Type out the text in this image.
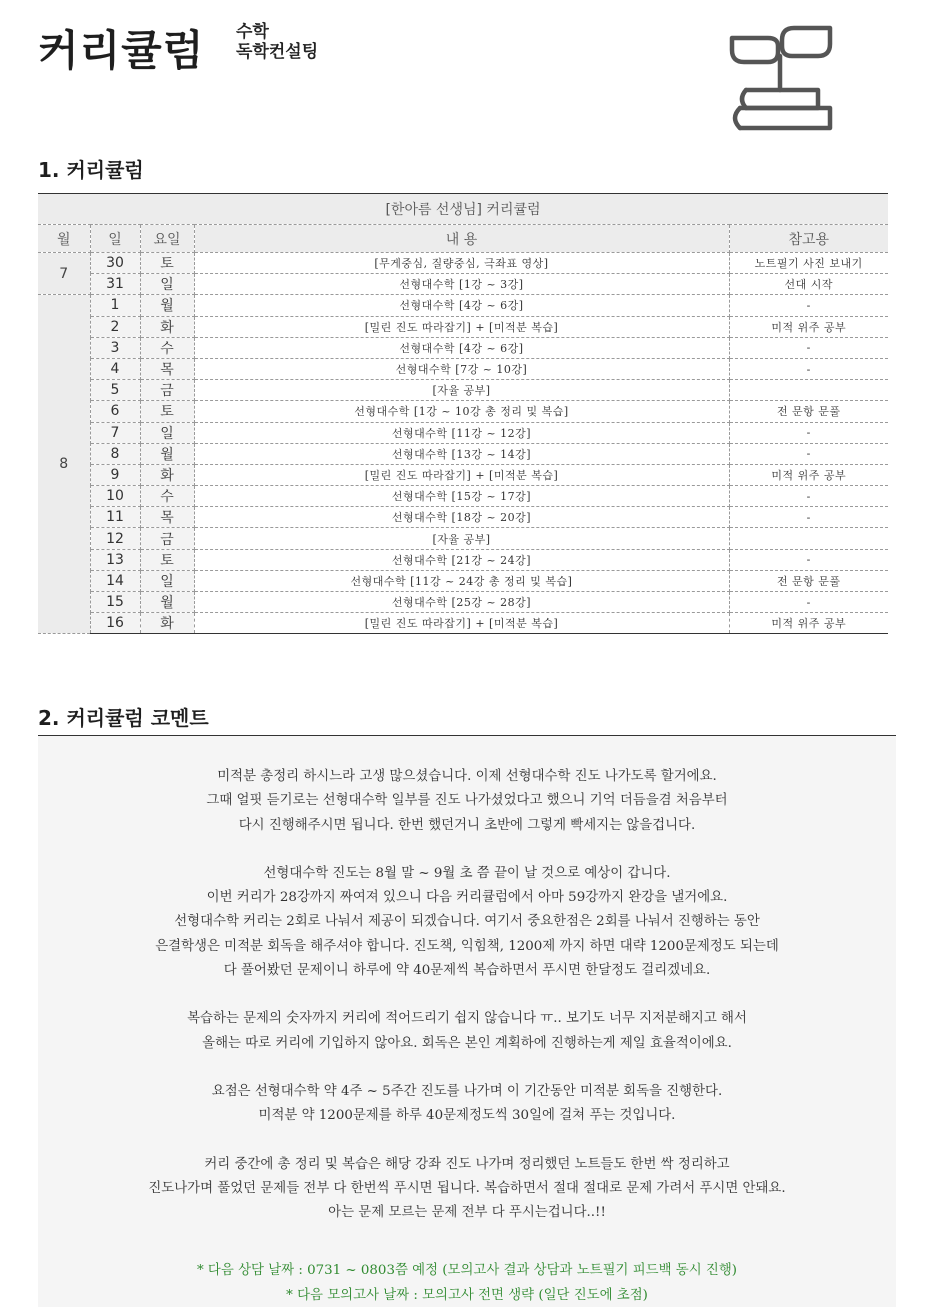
커리큘럼 수학
독학컨설팅
1. 커리큘럼
[한아름 선생님] 커리큘럼				
월	일	요일	내 용	참고용
7	30	토	[무게중심, 질량중심, 극좌표 영상]	노트필기 사진 보내기
	31	일	선형대수학 [1강 ~ 3강]	선대 시작
8	1	월	선형대수학 [4강 ~ 6강]	-
	2	화	[밀린 진도 따라잡기] + [미적분 복습]	미적 위주 공부
	3	수	선형대수학 [4강 ~ 6강]	-
	4	목	선형대수학 [7강 ~ 10강]	-
	5	금	[자율 공부]	
	6	토	선형대수학 [1강 ~ 10강 총 정리 및 복습]	전 문항 문풀
	7	일	선형대수학 [11강 ~ 12강]	-
	8	월	선형대수학 [13강 ~ 14강]	-
	9	화	[밀린 진도 따라잡기] + [미적분 복습]	미적 위주 공부
	10	수	선형대수학 [15강 ~ 17강]	-
	11	목	선형대수학 [18강 ~ 20강]	-
	12	금	[자율 공부]	
	13	토	선형대수학 [21강 ~ 24강]	-
	14	일	선형대수학 [11강 ~ 24강 총 정리 및 복습]	전 문항 문풀
	15	월	선형대수학 [25강 ~ 28강]	-
	16	화	[밀린 진도 따라잡기] + [미적분 복습]	미적 위주 공부
2. 커리큘럼 코멘트

미적분 총정리 하시느라 고생 많으셨습니다. 이제 선형대수학 진도 나가도록 할거에요.

그때 얼핏 듣기로는 선형대수학 일부를 진도 나가셨었다고 했으니 기억 더듬을겸 처음부터

다시 진행해주시면 됩니다. 한번 했던거니 초반에 그렇게 빡세지는 않을겁니다.

선형대수학 진도는 8월 말 ~ 9월 초 쯤 끝이 날 것으로 예상이 갑니다.

이번 커리가 28강까지 짜여져 있으니 다음 커리큘럼에서 아마 59강까지 완강을 낼거에요.

선형대수학 커리는 2회로 나눠서 제공이 되겠습니다. 여기서 중요한점은 2회를 나눠서 진행하는 동안

은결학생은 미적분 회독을 해주셔야 합니다. 진도책, 익힘책, 1200제 까지 하면 대략 1200문제정도 되는데

다 풀어봤던 문제이니 하루에 약 40문제씩 복습하면서 푸시면 한달정도 걸리겠네요.

복습하는 문제의 숫자까지 커리에 적어드리기 쉽지 않습니다 ㅠ.. 보기도 너무 지저분해지고 해서

올해는 따로 커리에 기입하지 않아요. 회독은 본인 계획하에 진행하는게 제일 효율적이에요.

요점은 선형대수학 약 4주 ~ 5주간 진도를 나가며 이 기간동안 미적분 회독을 진행한다.

미적분 약 1200문제를 하루 40문제정도씩 30일에 걸쳐 푸는 것입니다.

커리 중간에 총 정리 및 복습은 해당 강좌 진도 나가며 정리했던 노트들도 한번 싹 정리하고

진도나가며 풀었던 문제들 전부 다 한번씩 푸시면 됩니다. 복습하면서 절대 절대로 문제 가려서 푸시면 안돼요.

아는 문제 모르는 문제 전부 다 푸시는겁니다..!!

* 다음 상담 날짜 : 0731 ~ 0803쯤 예정 (모의고사 결과 상담과 노트필기 피드백 동시 진행)

* 다음 모의고사 날짜 : 모의고사 전면 생략 (일단 진도에 초점)
